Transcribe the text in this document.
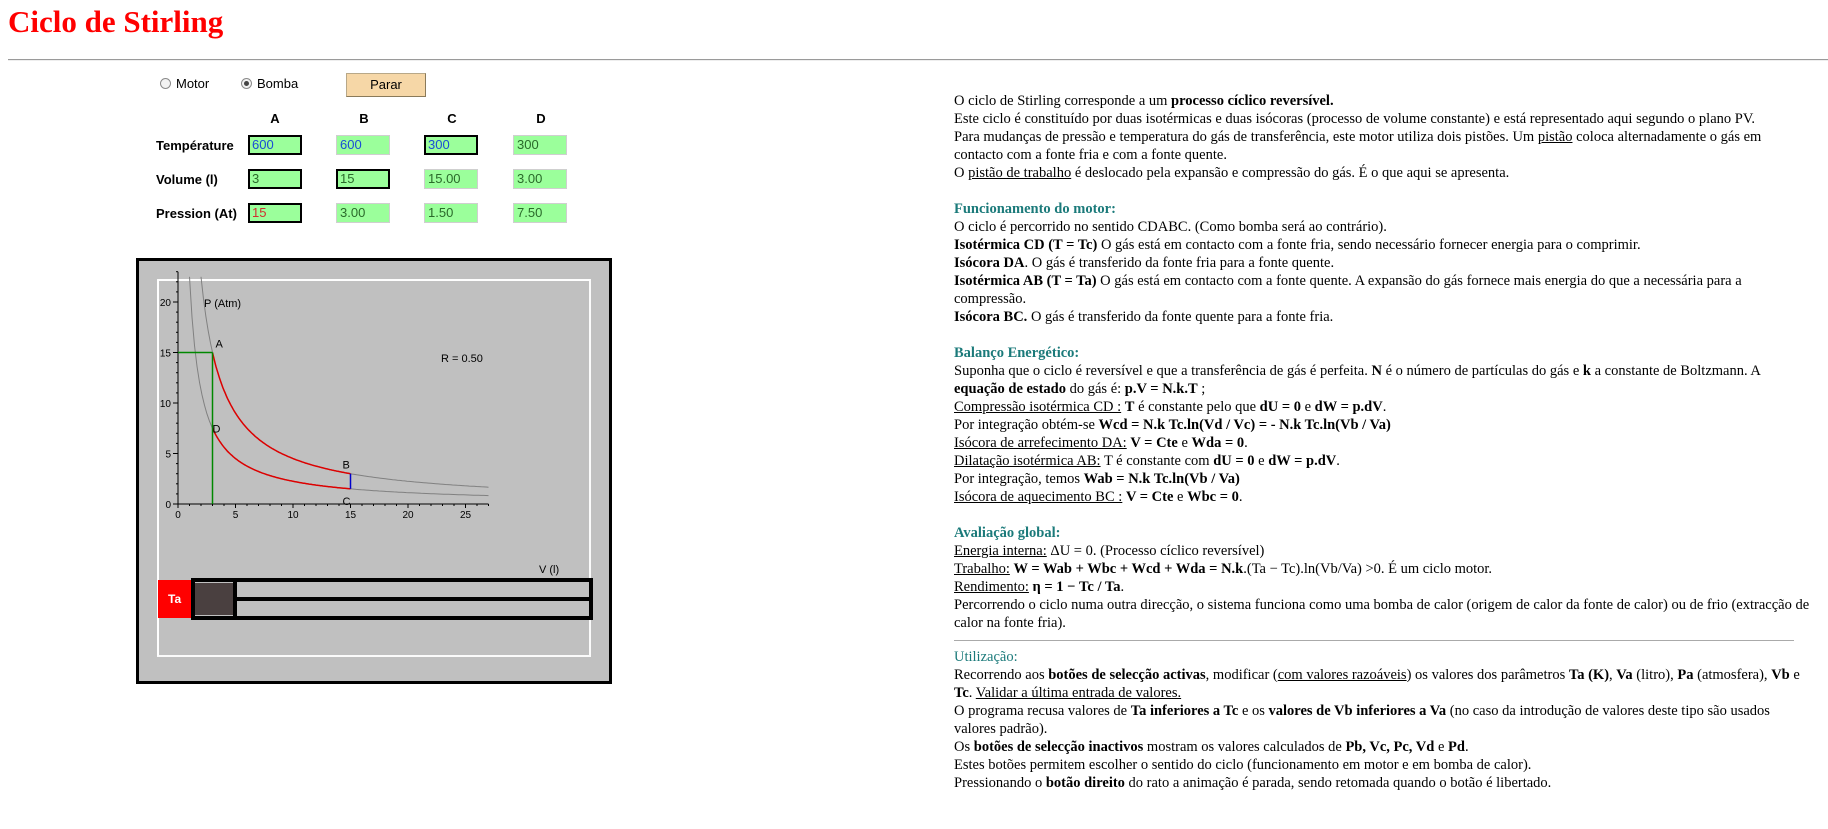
Ciclo de Stirling
Motor	Bomba	Parar
A	B	C	D
Température	600	600	300	300
Volume (l)	3	15	15.00	3.00
Pression (At)	15	3.00	1.50	7.50
0	5	10	15	20	25
0
5
10
15
20
A
B
C
D
R = 0.50
P (Atm)
V (l)
Ta

O ciclo de Stirling corresponde a um processo cíclico reversível.

Este ciclo é constituído por duas isotérmicas e duas isócoras (processo de volume constante) e está representado aqui segundo o plano PV.

Para mudanças de pressão e temperatura do gás de transferência, este motor utiliza dois pistões. Um pistão coloca alternadamente o gás em contacto com a fonte fria e com a fonte quente.

O pistão de trabalho é deslocado pela expansão e compressão do gás. É o que aqui se apresenta.

Funcionamento do motor:

O ciclo é percorrido no sentido CDABC. (Como bomba será ao contrário).

Isotérmica CD (T = Tc) O gás está em contacto com a fonte fria, sendo necessário fornecer energia para o comprimir.

Isócora DA. O gás é transferido da fonte fria para a fonte quente.

Isotérmica AB (T = Ta) O gás está em contacto com a fonte quente. A expansão do gás fornece mais energia do que a necessária para a compressão.

Isócora BC. O gás é transferido da fonte quente para a fonte fria.

Balanço Energético:

Suponha que o ciclo é reversível e que a transferência de gás é perfeita. N é o número de partículas do gás e k a constante de Boltzmann. A equação de estado do gás é: p.V = N.k.T ;

Compressão isotérmica CD : T é constante pelo que dU = 0 e dW = p.dV.

Por integração obtém-se Wcd = N.k Tc.ln(Vd / Vc) = - N.k Tc.ln(Vb / Va)

Isócora de arrefecimento DA: V = Cte e Wda = 0.

Dilatação isotérmica AB: T é constante com dU = 0 e dW = p.dV.

Por integração, temos Wab = N.k Tc.ln(Vb / Va)

Isócora de aquecimento BC : V = Cte e Wbc = 0.

Avaliação global:

Energia interna: ΔU = 0. (Processo cíclico reversível)

Trabalho: W = Wab + Wbc + Wcd + Wda = N.k.(Ta − Tc).ln(Vb/Va) >0. É um ciclo motor.

Rendimento: η = 1 − Tc / Ta.

Percorrendo o ciclo numa outra direcção, o sistema funciona como uma bomba de calor (origem de calor da fonte de calor) ou de frio (extracção de calor na fonte fria).

Utilização:

Recorrendo aos botões de selecção activas, modificar (com valores razoáveis) os valores dos parâmetros Ta (K), Va (litro), Pa (atmosfera), Vb e Tc. Validar a última entrada de valores.

O programa recusa valores de Ta inferiores a Tc e os valores de Vb inferiores a Va (no caso da introdução de valores deste tipo são usados valores padrão).

Os botões de selecção inactivos mostram os valores calculados de Pb, Vc, Pc, Vd e Pd.

Estes botões permitem escolher o sentido do ciclo (funcionamento em motor e em bomba de calor).

Pressionando o botão direito do rato a animação é parada, sendo retomada quando o botão é libertado.
